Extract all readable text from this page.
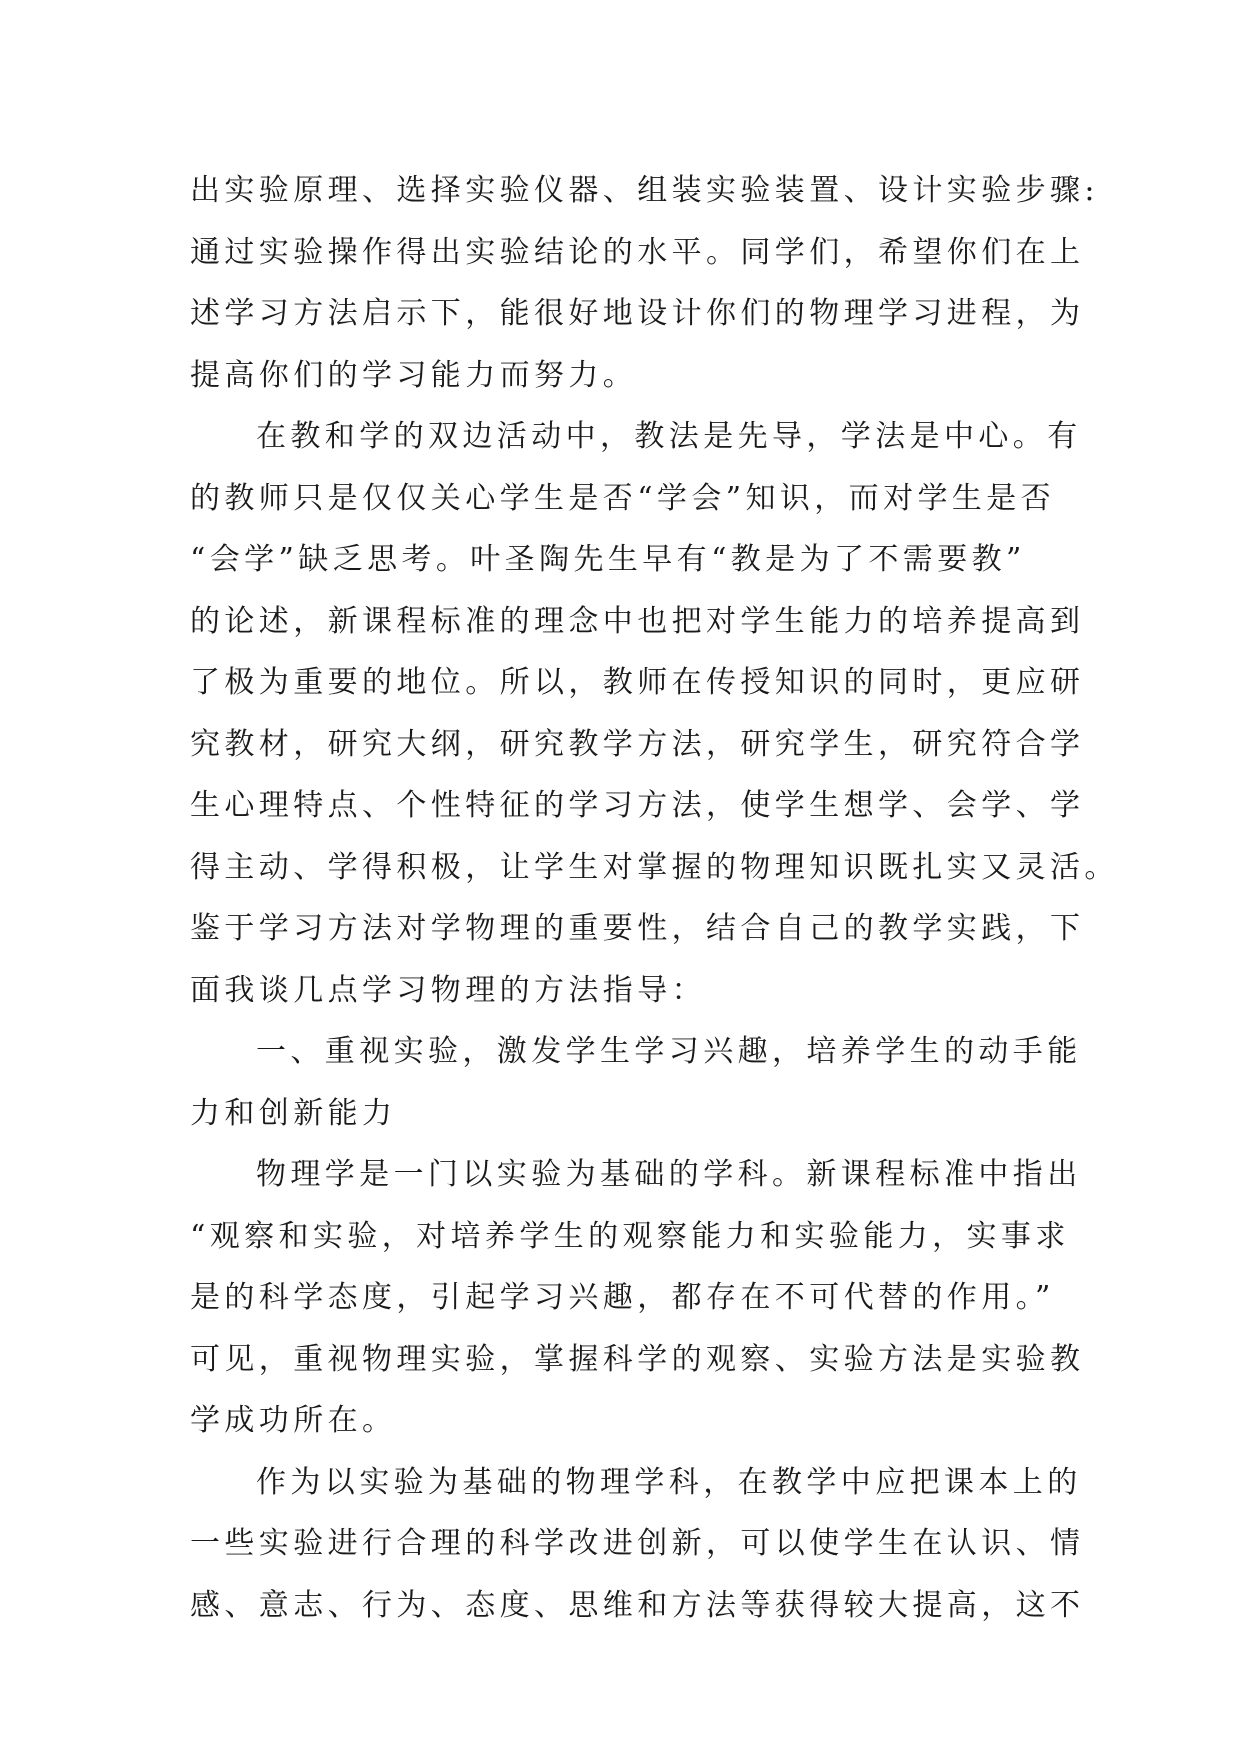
出实验原理、选择实验仪器、组装实验装置、设计实验步骤:
通过实验操作得出实验结论的水平。同学们，希望你们在上
述学习方法启示下，能很好地设计你们的物理学习进程，为
提高你们的学习能力而努力。
在教和学的双边活动中，教法是先导，学法是中心。有
的教师只是仅仅关心学生是否“学会”知识，而对学生是否
“会学”缺乏思考。叶圣陶先生早有“教是为了不需要教”
的论述，新课程标准的理念中也把对学生能力的培养提高到
了极为重要的地位。所以，教师在传授知识的同时，更应研
究教材，研究大纲，研究教学方法，研究学生，研究符合学
生心理特点、个性特征的学习方法，使学生想学、会学、学
得主动、学得积极，让学生对掌握的物理知识既扎实又灵活。
鉴于学习方法对学物理的重要性，结合自己的教学实践，下
面我谈几点学习物理的方法指导：
一、重视实验，激发学生学习兴趣，培养学生的动手能
力和创新能力
物理学是一门以实验为基础的学科。新课程标准中指出
“观察和实验，对培养学生的观察能力和实验能力，实事求
是的科学态度，引起学习兴趣，都存在不可代替的作用。”
可见，重视物理实验，掌握科学的观察、实验方法是实验教
学成功所在。
作为以实验为基础的物理学科，在教学中应把课本上的
一些实验进行合理的科学改进创新，可以使学生在认识、情
感、意志、行为、态度、思维和方法等获得较大提高，这不
